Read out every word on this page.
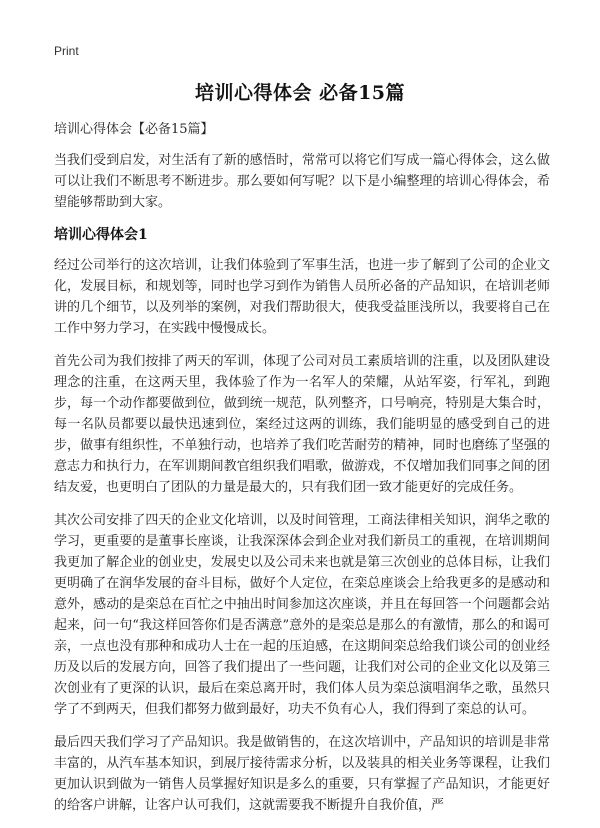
Print
培训心得体会 必备15篇

培训心得体会【必备15篇】

当我们受到启发，对生活有了新的感悟时，常常可以将它们写成一篇心得体会，这么做可以让我们不断思考不断进步。那么要如何写呢？以下是小编整理的培训心得体会，希望能够帮助到大家。

培训心得体会1

经过公司举行的这次培训，让我们体验到了军事生活，也进一步了解到了公司的企业文化，发展目标，和规划等，同时也学习到作为销售人员所必备的产品知识，在培训老师讲的几个细节，以及列举的案例，对我们帮助很大，使我受益匪浅所以，我要将自己在工作中努力学习，在实践中慢慢成长。

首先公司为我们按排了两天的军训，体现了公司对员工素质培训的注重，以及团队建设理念的注重，在这两天里，我体验了作为一名军人的荣耀，从站军姿，行军礼，到跑步，每一个动作都要做到位，做到统一规范，队列整齐，口号响亮，特别是大集合时，每一名队员都要以最快迅速到位，案经过这两的训练，我们能明显的感受到自己的进步，做事有组织性，不单独行动，也培养了我们吃苦耐劳的精神，同时也磨练了坚强的意志力和执行力，在军训期间教官组织我们唱歌，做游戏，不仅增加我们同事之间的团结友爱，也更明白了团队的力量是最大的，只有我们团一致才能更好的完成任务。

其次公司安排了四天的企业文化培训，以及时间管理，工商法律相关知识，润华之歌的学习，更重要的是董事长座谈，让我深深体会到企业对我们新员工的重视，在培训期间我更加了解企业的创业史，发展史以及公司未来也就是第三次创业的总体目标，让我们更明确了在润华发展的奋斗目标，做好个人定位，在栾总座谈会上给我更多的是感动和意外，感动的是栾总在百忙之中抽出时间参加这次座谈，并且在每回答一个问题都会站起来，问一句“我这样回答你们是否满意”意外的是栾总是那么的有激情，那么的和谒可亲，一点也没有那种和成功人士在一起的压迫感，在这期间栾总给我们谈公司的创业经历及以后的发展方向，回答了我们提出了一些问题，让我们对公司的企业文化以及第三次创业有了更深的认识，最后在栾总离开时，我们体人员为栾总演唱润华之歌，虽然只学了不到两天，但我们都努力做到最好，功夫不负有心人，我们得到了栾总的认可。

最后四天我们学习了产品知识。我是做销售的，在这次培训中，产品知识的培训是非常丰富的，从汽车基本知识，到展厅接待需求分析，以及装具的相关业务等课程，让我们更加认识到做为一销售人员掌握好知识是多么的重要，只有掌握了产品知识，才能更好的给客户讲解，让客户认可我们，这就需要我不断提升自我价值，严
